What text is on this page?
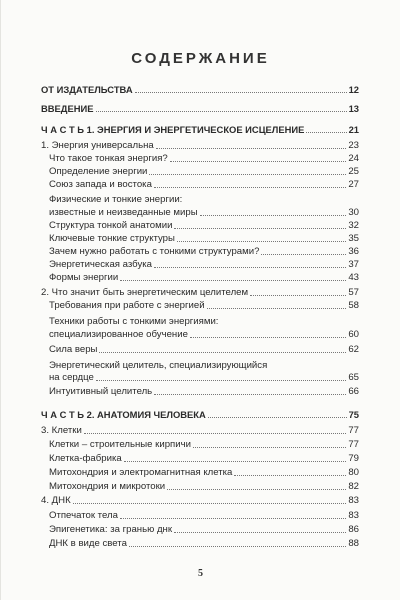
СОДЕРЖАНИЕ
ОТ ИЗДАТЕЛЬСТВА	12
ВВЕДЕНИЕ	13
Ч А С Т Ь 1. ЭНЕРГИЯ И ЭНЕРГЕТИЧЕСКОЕ ИСЦЕЛЕНИЕ	21
1. Энергия универсальна	23
Что такое тонкая энергия?	24
Определение энергии	25
Союз запада и востока	27
Физические и тонкие энергии:
известные и неизведанные миры	30
Структура тонкой анатомии	32
Ключевые тонкие структуры	35
Зачем нужно работать с тонкими структурами?	36
Энергетическая азбука	37
Формы энергии	43
2. Что значит быть энергетическим целителем	57
Требования при работе с энергией	58
Техники работы с тонкими энергиями:
специализированное обучение	60
Сила веры	62
Энергетический целитель, специализирующийся
на сердце	65
Интуитивный целитель	66
Ч А С Т Ь 2. АНАТОМИЯ ЧЕЛОВЕКА	75
3. Клетки	77
Клетки – строительные кирпичи	77
Клетка-фабрика	79
Митохондрия и электромагнитная клетка	80
Митохондрия и микротоки	82
4. ДНК	83
Отпечаток тела	83
Эпигенетика: за гранью днк	86
ДНК в виде света	88
5
